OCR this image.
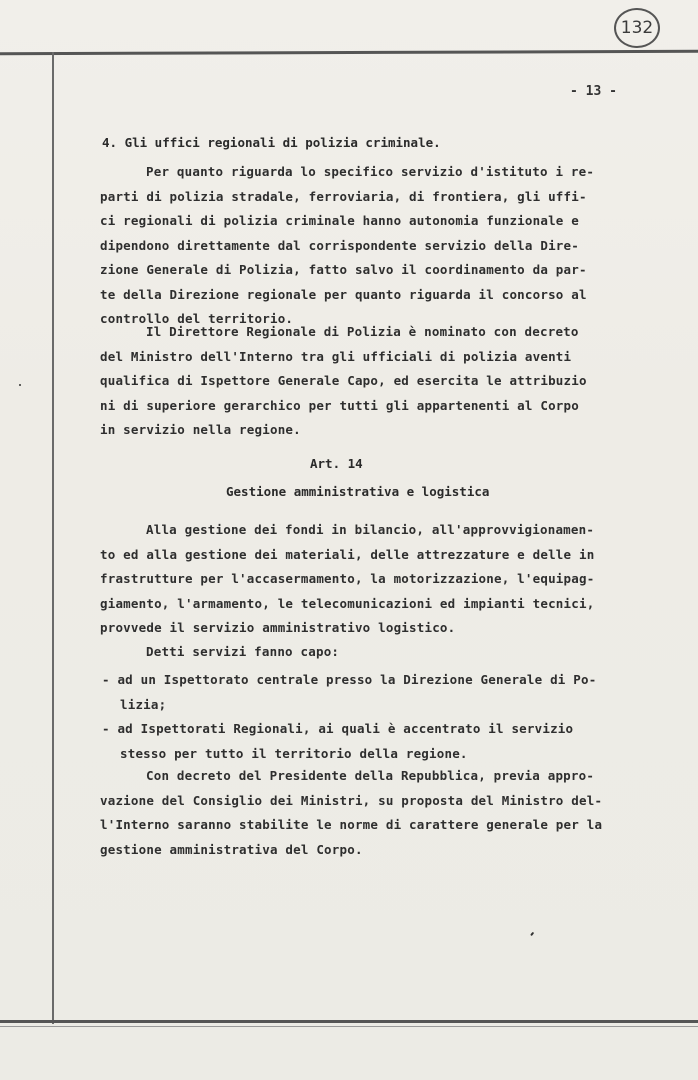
132
- 13 -
4. Gli uffici regionali di polizia criminale.
Per quanto riguarda lo specifico servizio d'istituto i re-
parti di polizia stradale, ferroviaria, di frontiera, gli uffi-
ci regionali di polizia criminale hanno autonomia funzionale e
dipendono direttamente dal corrispondente servizio della Dire-
zione Generale di Polizia, fatto salvo il coordinamento da par-
te della Direzione regionale per quanto riguarda il concorso al
controllo del territorio.
Il Direttore Regionale di Polizia è nominato con decreto
del Ministro dell'Interno tra gli ufficiali di polizia aventi
qualifica di Ispettore Generale Capo, ed esercita le attribuzio
ni di superiore gerarchico per tutti gli appartenenti al Corpo
in servizio nella regione.
Art. 14
Gestione amministrativa e logistica
Alla gestione dei fondi in bilancio, all'approvvigionamen-
to ed alla gestione dei materiali, delle attrezzature e delle in
frastrutture per l'accasermamento, la motorizzazione, l'equipag-
giamento, l'armamento, le telecomunicazioni ed impianti tecnici,
provvede il servizio amministrativo logistico.
Detti servizi fanno capo:
- ad un Ispettorato centrale presso la Direzione Generale di Po-
lizia;
- ad Ispettorati Regionali, ai quali è accentrato il servizio
stesso per tutto il territorio della regione.
Con decreto del Presidente della Repubblica, previa appro-
vazione del Consiglio dei Ministri, su proposta del Ministro del-
l'Interno saranno stabilite le norme di carattere generale per la
gestione amministrativa del Corpo.
